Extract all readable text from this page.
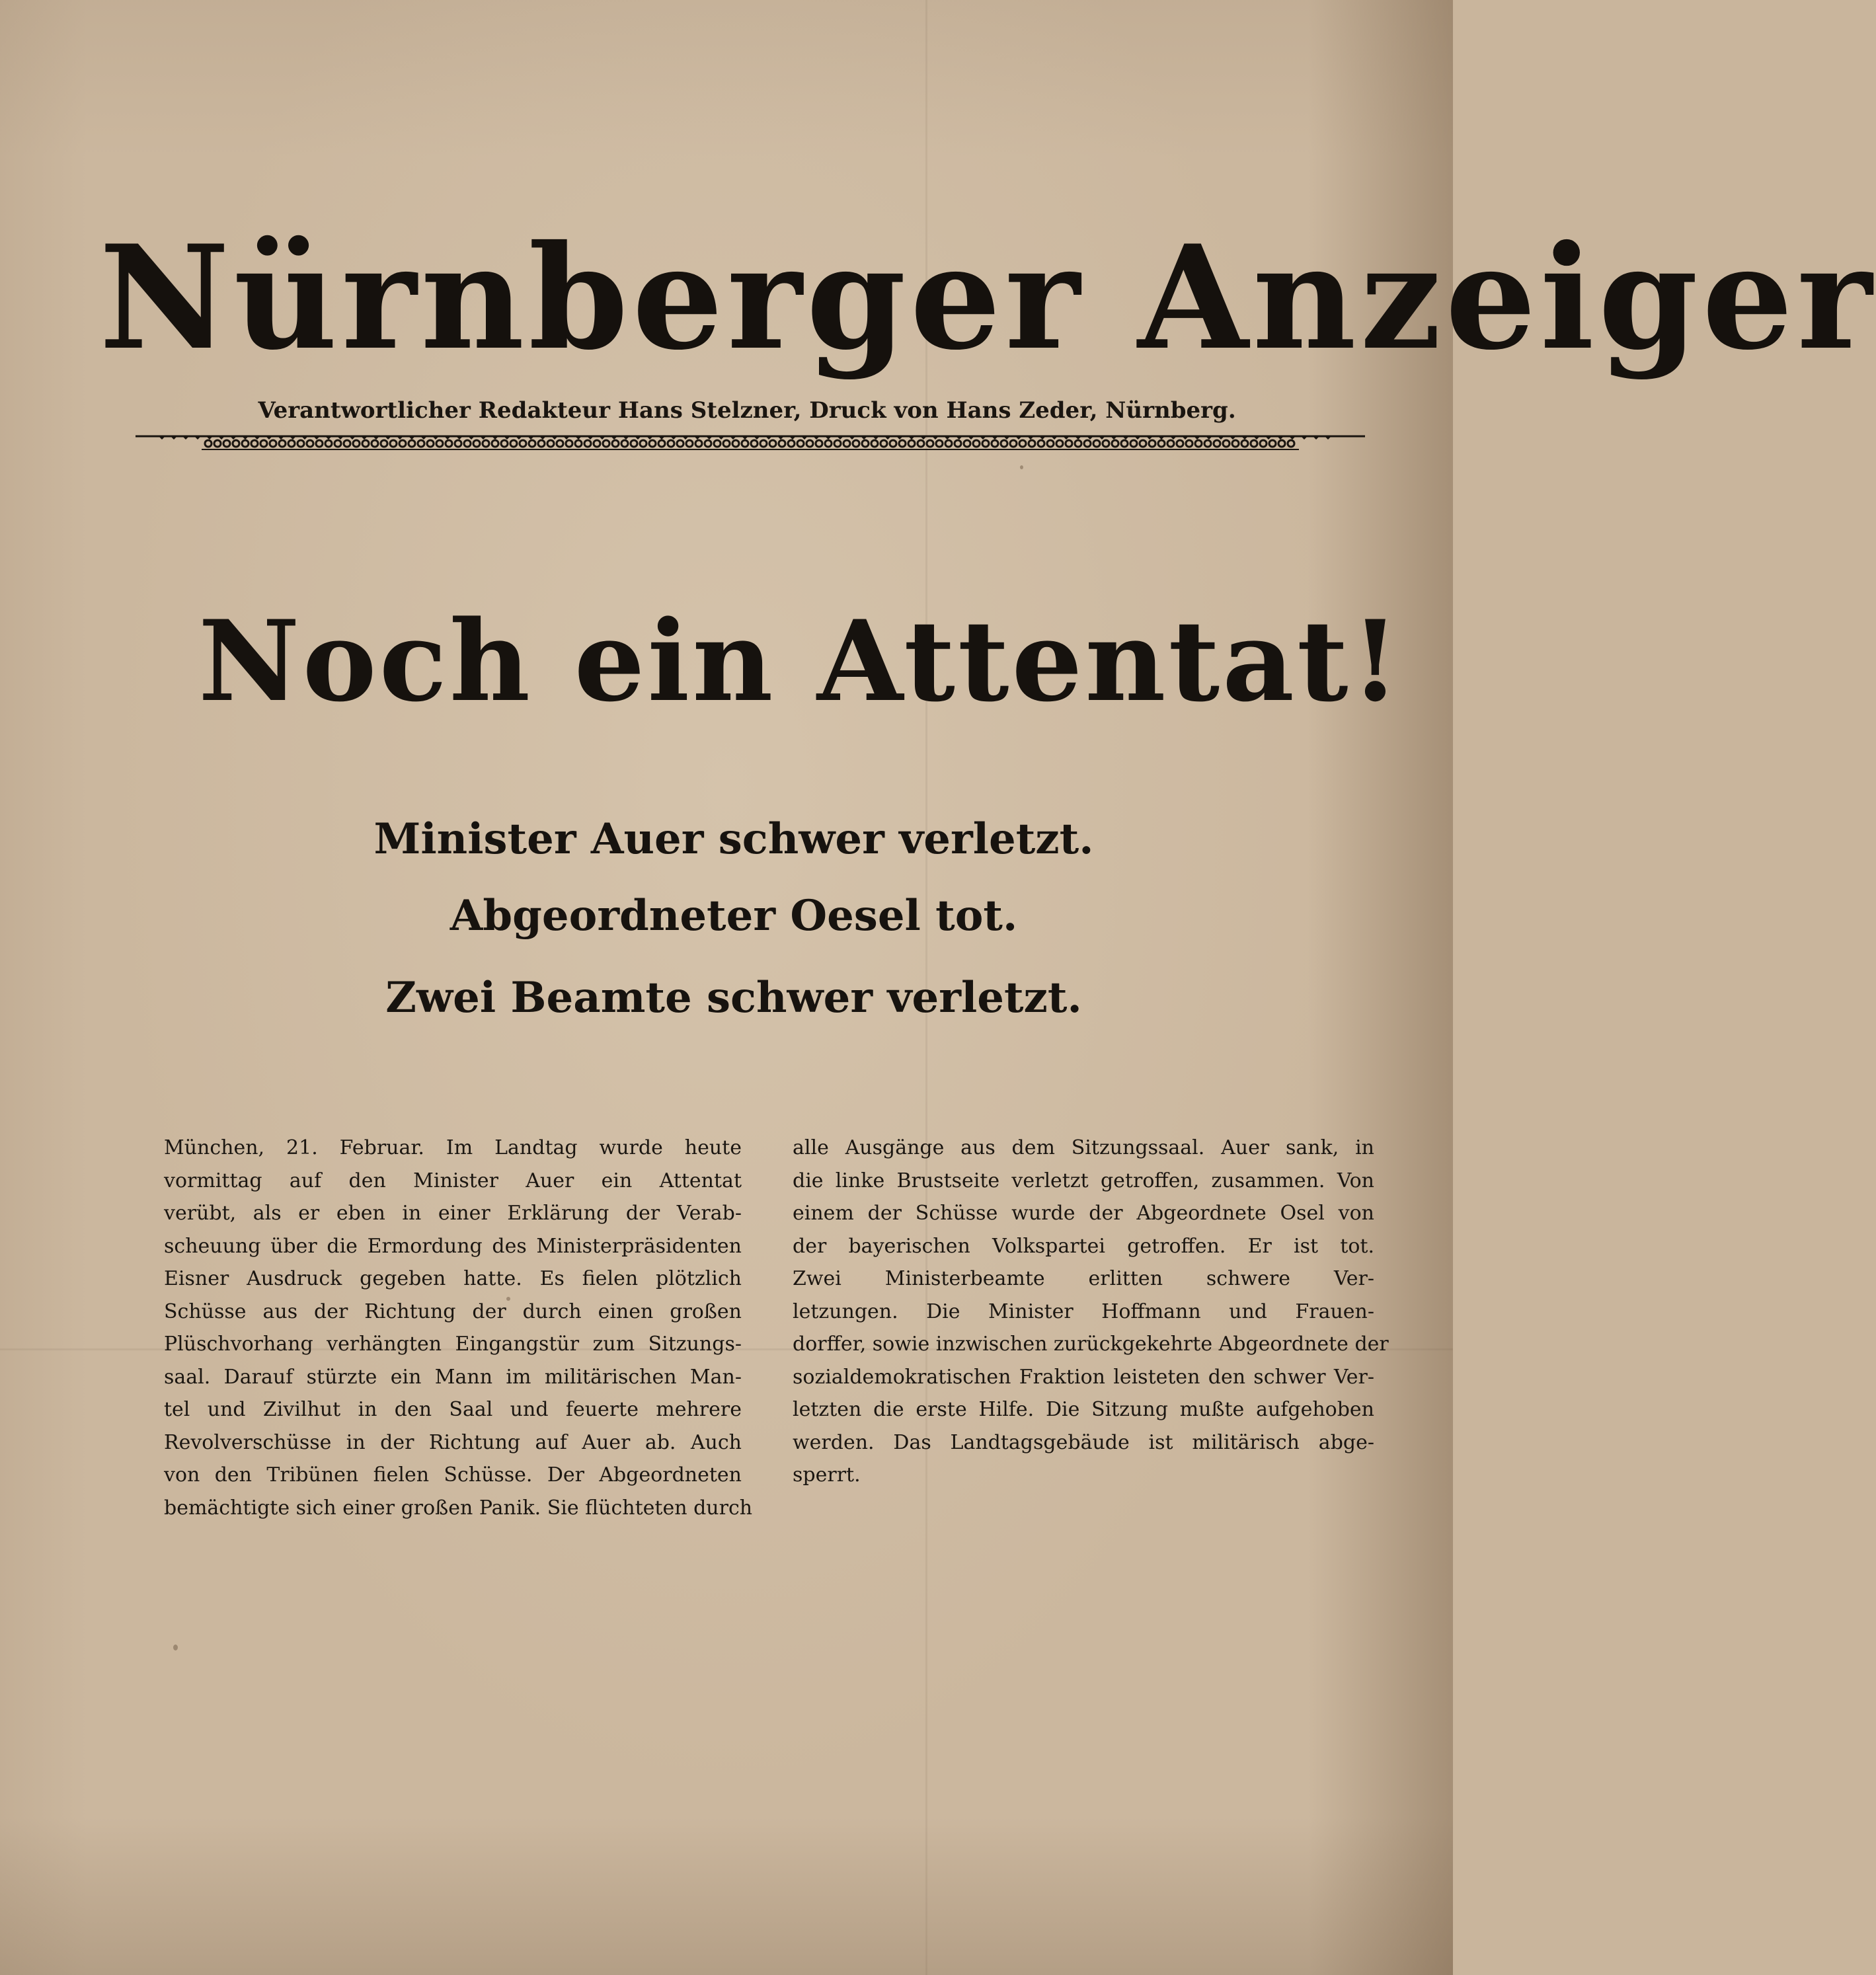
Nürnberger Anzeiger
Verantwortlicher Redakteur Hans Stelzner, Druck von Hans Zeder, Nürnberg.
Noch ein Attentat!
Minister Auer schwer verletzt.
Abgeordneter Oesel tot.
Zwei Beamte schwer verletzt.
München, 21. Februar. Im Landtag wurde heute
vormittag auf den Minister Auer ein Attentat
verübt, als er eben in einer Erklärung der Verab-
scheuung über die Ermordung des Ministerpräsidenten
Eisner Ausdruck gegeben hatte. Es fielen plötzlich
Schüsse aus der Richtung der durch einen großen
Plüschvorhang verhängten Eingangstür zum Sitzungs-
saal. Darauf stürzte ein Mann im militärischen Man-
tel und Zivilhut in den Saal und feuerte mehrere
Revolverschüsse in der Richtung auf Auer ab. Auch
von den Tribünen fielen Schüsse. Der Abgeordneten
bemächtigte sich einer großen Panik. Sie flüchteten durch
alle Ausgänge aus dem Sitzungssaal. Auer sank, in
die linke Brustseite verletzt getroffen, zusammen. Von
einem der Schüsse wurde der Abgeordnete Osel von
der bayerischen Volkspartei getroffen. Er ist tot.
Zwei Ministerbeamte erlitten schwere Ver-
letzungen. Die Minister Hoffmann und Frauen-
dorffer, sowie inzwischen zurückgekehrte Abgeordnete der
sozialdemokratischen Fraktion leisteten den schwer Ver-
letzten die erste Hilfe. Die Sitzung mußte aufgehoben
werden. Das Landtagsgebäude ist militärisch abge-
sperrt.
